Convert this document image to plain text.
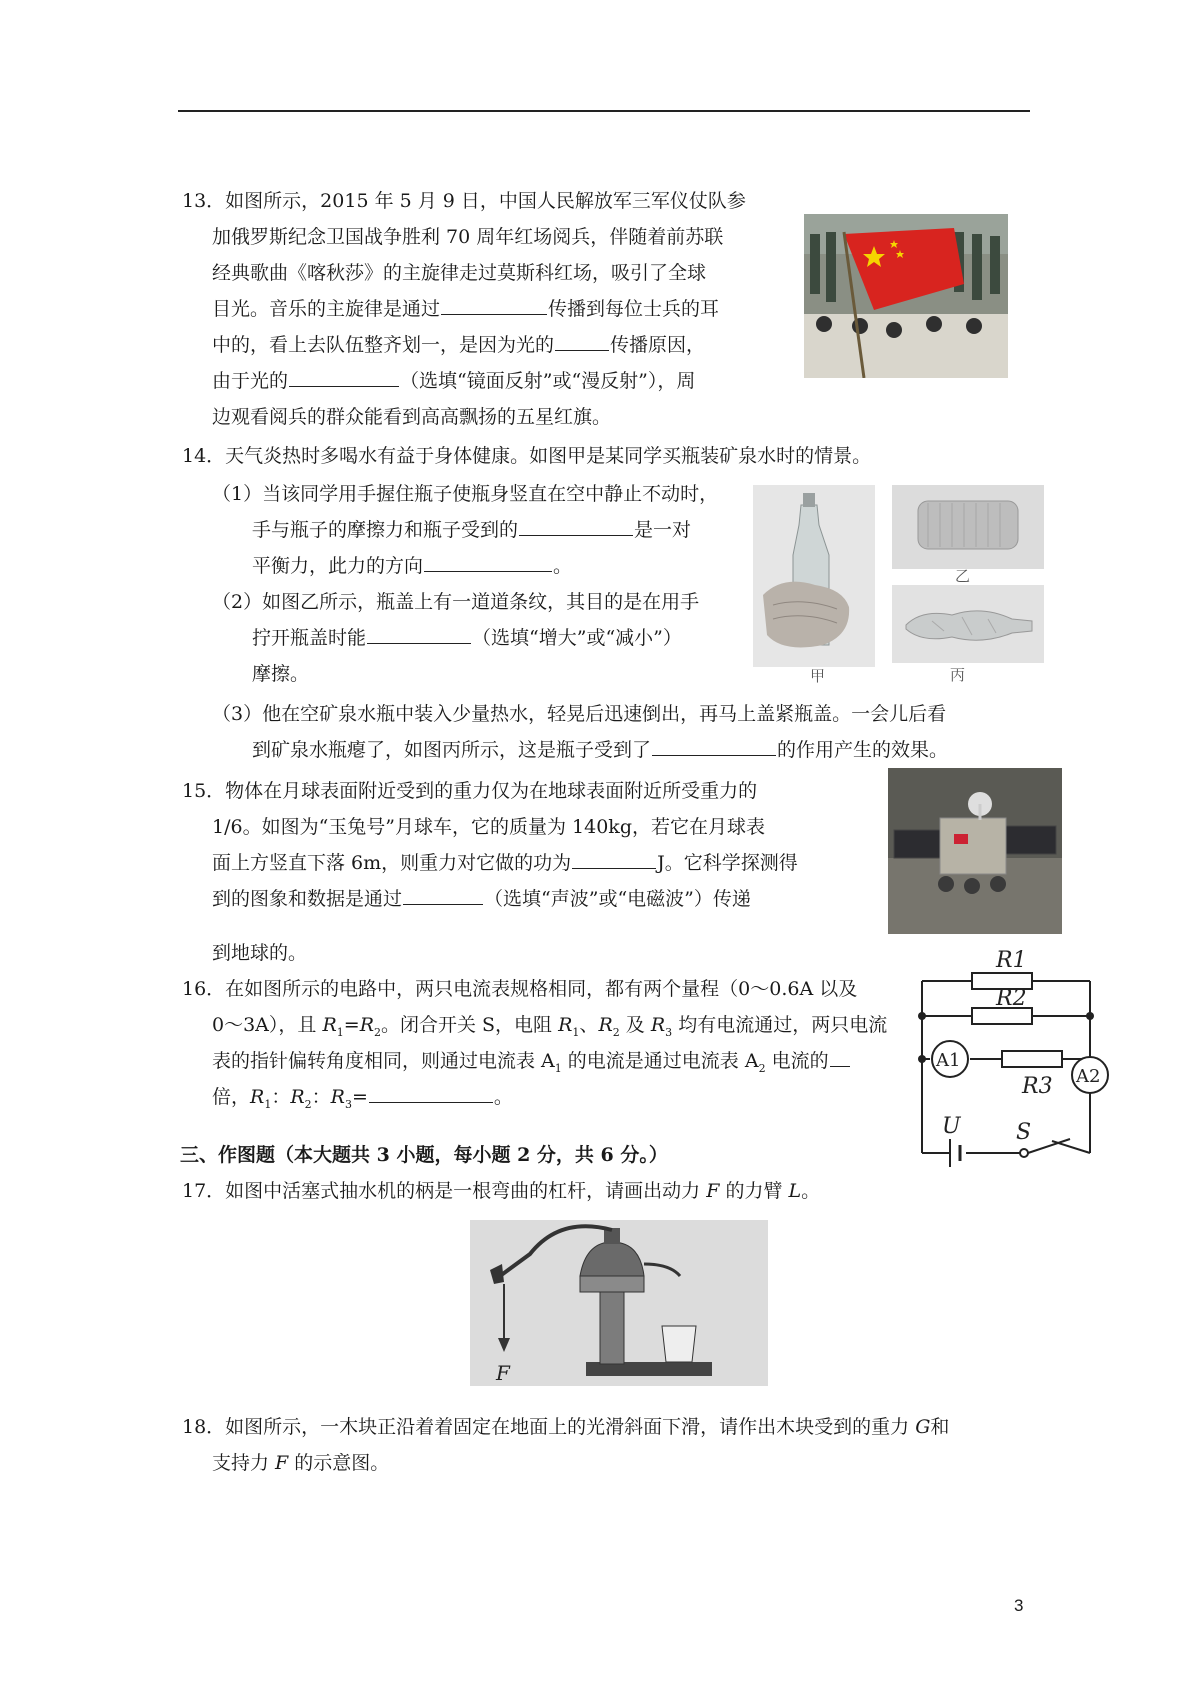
13．如图所示，2015 年 5 月 9 日，中国人民解放军三军仪仗队参
加俄罗斯纪念卫国战争胜利 70 周年红场阅兵，伴随着前苏联
经典歌曲《喀秋莎》的主旋律走过莫斯科红场，吸引了全球
目光。音乐的主旋律是通过	传播到每位士兵的耳
中的，看上去队伍整齐划一，是因为光的	传播原因，
由于光的	（选填“镜面反射”或“漫反射”），周
边观看阅兵的群众能看到高高飘扬的五星红旗。
14．天气炎热时多喝水有益于身体健康。如图甲是某同学买瓶装矿泉水时的情景。
（1）当该同学用手握住瓶子使瓶身竖直在空中静止不动时，
手与瓶子的摩擦力和瓶子受到的	是一对
平衡力，此力的方向	。
（2）如图乙所示，瓶盖上有一道道条纹，其目的是在用手
拧开瓶盖时能	（选填“增大”或“减小”）
摩擦。
（3）他在空矿泉水瓶中装入少量热水，轻晃后迅速倒出，再马上盖紧瓶盖。一会儿后看
到矿泉水瓶瘪了，如图丙所示，这是瓶子受到了	的作用产生的效果。
甲
乙
丙
15．物体在月球表面附近受到的重力仅为在地球表面附近所受重力的
1/6。如图为“玉兔号”月球车，它的质量为 140kg，若它在月球表
面上方竖直下落 6m，则重力对它做的功为	J。它科学探测得
到的图象和数据是通过	（选填“声波”或“电磁波”）传递
到地球的。
16．在如图所示的电路中，两只电流表规格相同，都有两个量程（0～0.6A 以及
0～3A），且 $R_1=R_2$。闭合开关 S，电阻 $R_1$、$R_2$ 及 $R_3$ 均有电流通过，两只电流
表的指针偏转角度相同，则通过电流表 $A_1$ 的电流是通过电流表 $A_2$ 电流的
倍，$R_1$：$R_2$：$R_3=$	。
R1
R2
R3
A1
A2
U	S
三、作图题（本大题共 3 小题，每小题 2 分，共 6 分。）
17．如图中活塞式抽水机的柄是一根弯曲的杠杆，请画出动力 F 的力臂 L。
F
18．如图所示，一木块正沿着着固定在地面上的光滑斜面下滑，请作出木块受到的重力 G和
支持力 F 的示意图。
3
